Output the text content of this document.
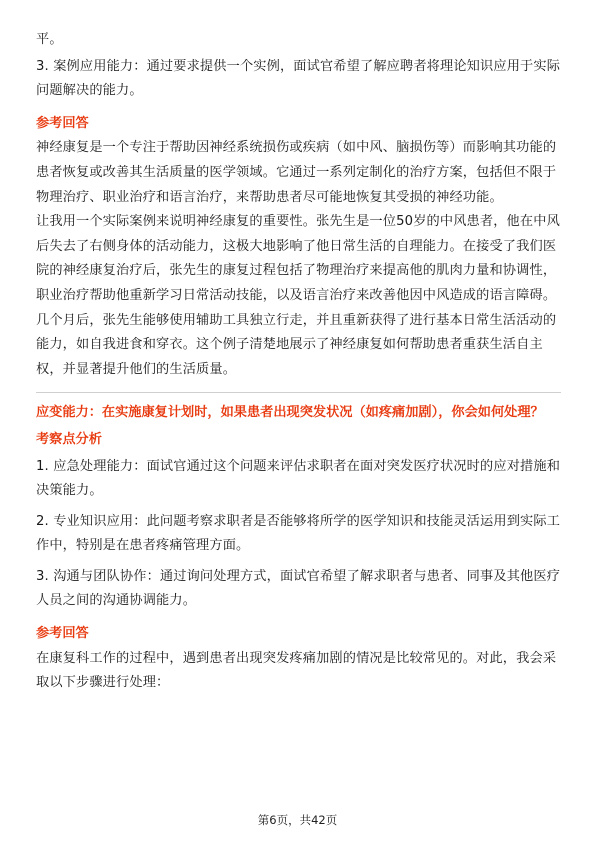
平。

3. 案例应用能力：通过要求提供一个实例，面试官希望了解应聘者将理论知识应用于实际问题解决的能力。

参考回答

神经康复是一个专注于帮助因神经系统损伤或疾病（如中风、脑损伤等）而影响其功能的患者恢复或改善其生活质量的医学领域。它通过一系列定制化的治疗方案，包括但不限于物理治疗、职业治疗和语言治疗，来帮助患者尽可能地恢复其受损的神经功能。

让我用一个实际案例来说明神经康复的重要性。张先生是一位50岁的中风患者，他在中风后失去了右侧身体的活动能力，这极大地影响了他日常生活的自理能力。在接受了我们医院的神经康复治疗后，张先生的康复过程包括了物理治疗来提高他的肌肉力量和协调性，职业治疗帮助他重新学习日常活动技能，以及语言治疗来改善他因中风造成的语言障碍。几个月后，张先生能够使用辅助工具独立行走，并且重新获得了进行基本日常生活活动的能力，如自我进食和穿衣。这个例子清楚地展示了神经康复如何帮助患者重获生活自主权，并显著提升他们的生活质量。

应变能力：在实施康复计划时，如果患者出现突发状况（如疼痛加剧），你会如何处理？

考察点分析

1. 应急处理能力：面试官通过这个问题来评估求职者在面对突发医疗状况时的应对措施和决策能力。

2. 专业知识应用：此问题考察求职者是否能够将所学的医学知识和技能灵活运用到实际工作中，特别是在患者疼痛管理方面。

3. 沟通与团队协作：通过询问处理方式，面试官希望了解求职者与患者、同事及其他医疗人员之间的沟通协调能力。

参考回答

在康复科工作的过程中，遇到患者出现突发疼痛加剧的情况是比较常见的。对此，我会采取以下步骤进行处理：

第6页，共42页
